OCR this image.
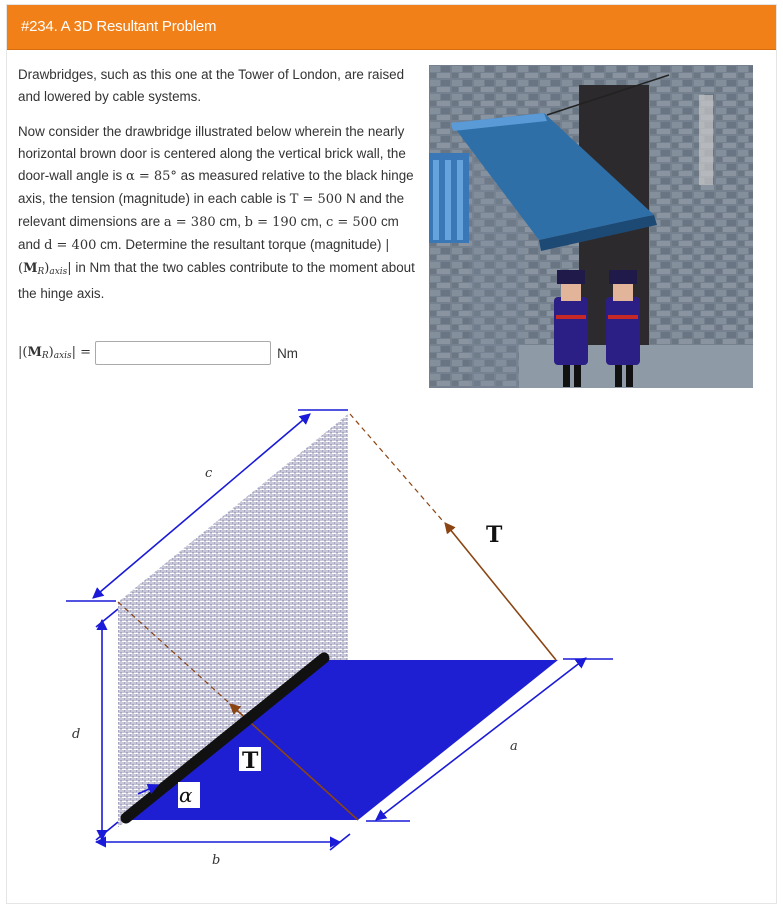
#234. A 3D Resultant Problem

Drawbridges, such as this one at the Tower of London, are raised and lowered by cable systems.

Now consider the drawbridge illustrated below wherein the nearly horizontal brown door is centered along the vertical brick wall, the door-wall angle is α = 85° as measured relative to the black hinge axis, the tension (magnitude) in each cable is T = 500 N and the relevant dimensions are a = 380 cm, b = 190 cm, c = 500 cm and d = 400 cm. Determine the resultant torque (magnitude) $|(M_R)_{axis}|$ in Nm that the two cables contribute to the moment about the hinge axis.

$|(M_R)_{axis}|$ =	Nm
c
T
d
T
α
a
b
